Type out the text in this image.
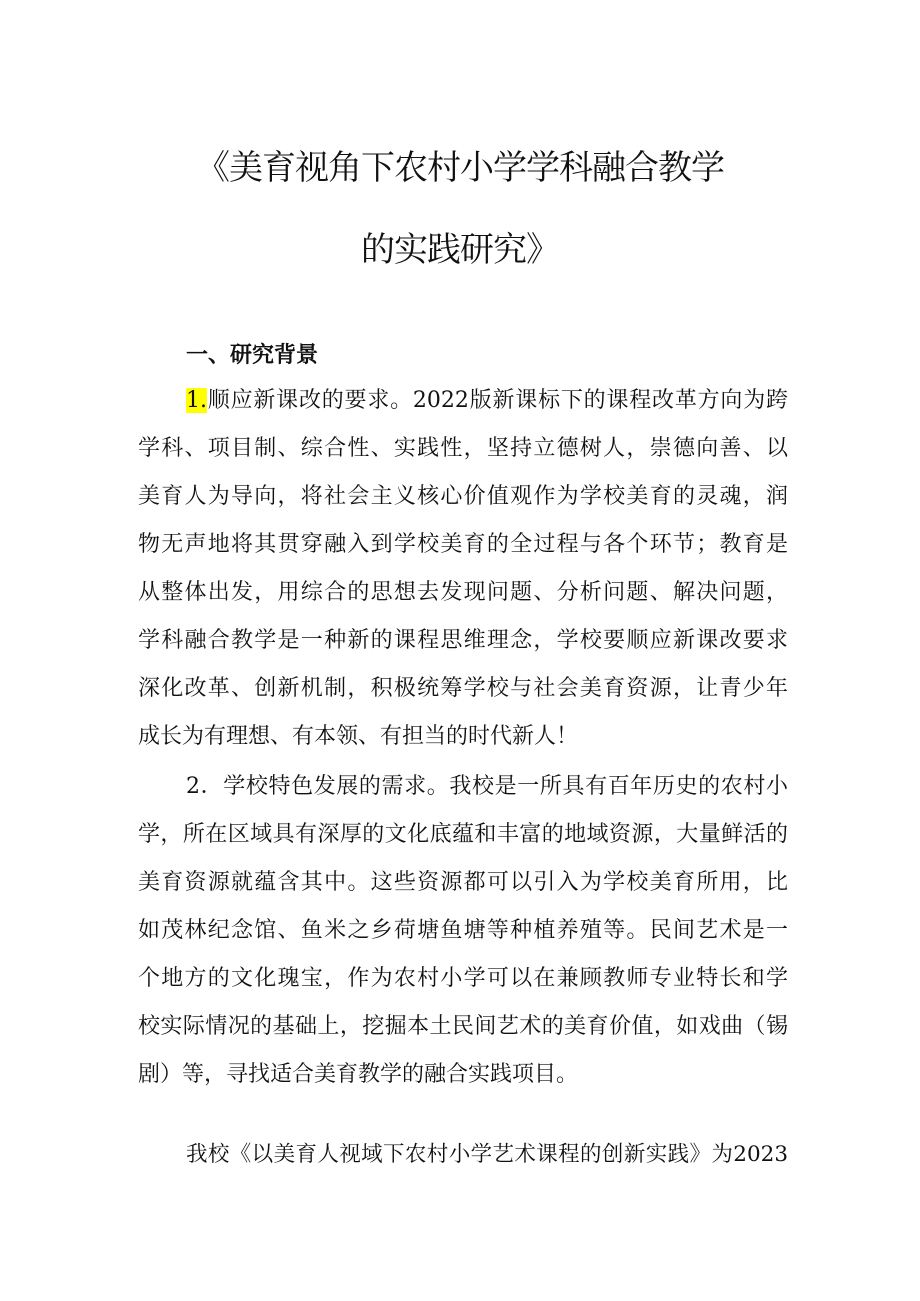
《美育视角下农村小学学科融合教学
的实践研究》
一、研究背景
1.顺应新课改的要求。2022版新课标下的课程改革方向为跨
学科、项目制、综合性、实践性，坚持立德树人，崇德向善、以
美育人为导向，将社会主义核心价值观作为学校美育的灵魂，润
物无声地将其贯穿融入到学校美育的全过程与各个环节；教育是
从整体出发，用综合的思想去发现问题、分析问题、解决问题，
学科融合教学是一种新的课程思维理念，学校要顺应新课改要求
深化改革、创新机制，积极统筹学校与社会美育资源，让青少年
成长为有理想、有本领、有担当的时代新人！
2．学校特色发展的需求。我校是一所具有百年历史的农村小
学，所在区域具有深厚的文化底蕴和丰富的地域资源，大量鲜活的
美育资源就蕴含其中。这些资源都可以引入为学校美育所用，比
如茂林纪念馆、鱼米之乡荷塘鱼塘等种植养殖等。民间艺术是一
个地方的文化瑰宝，作为农村小学可以在兼顾教师专业特长和学
校实际情况的基础上，挖掘本土民间艺术的美育价值，如戏曲（锡
剧）等，寻找适合美育教学的融合实践项目。
我校《以美育人视域下农村小学艺术课程的创新实践》为2023
